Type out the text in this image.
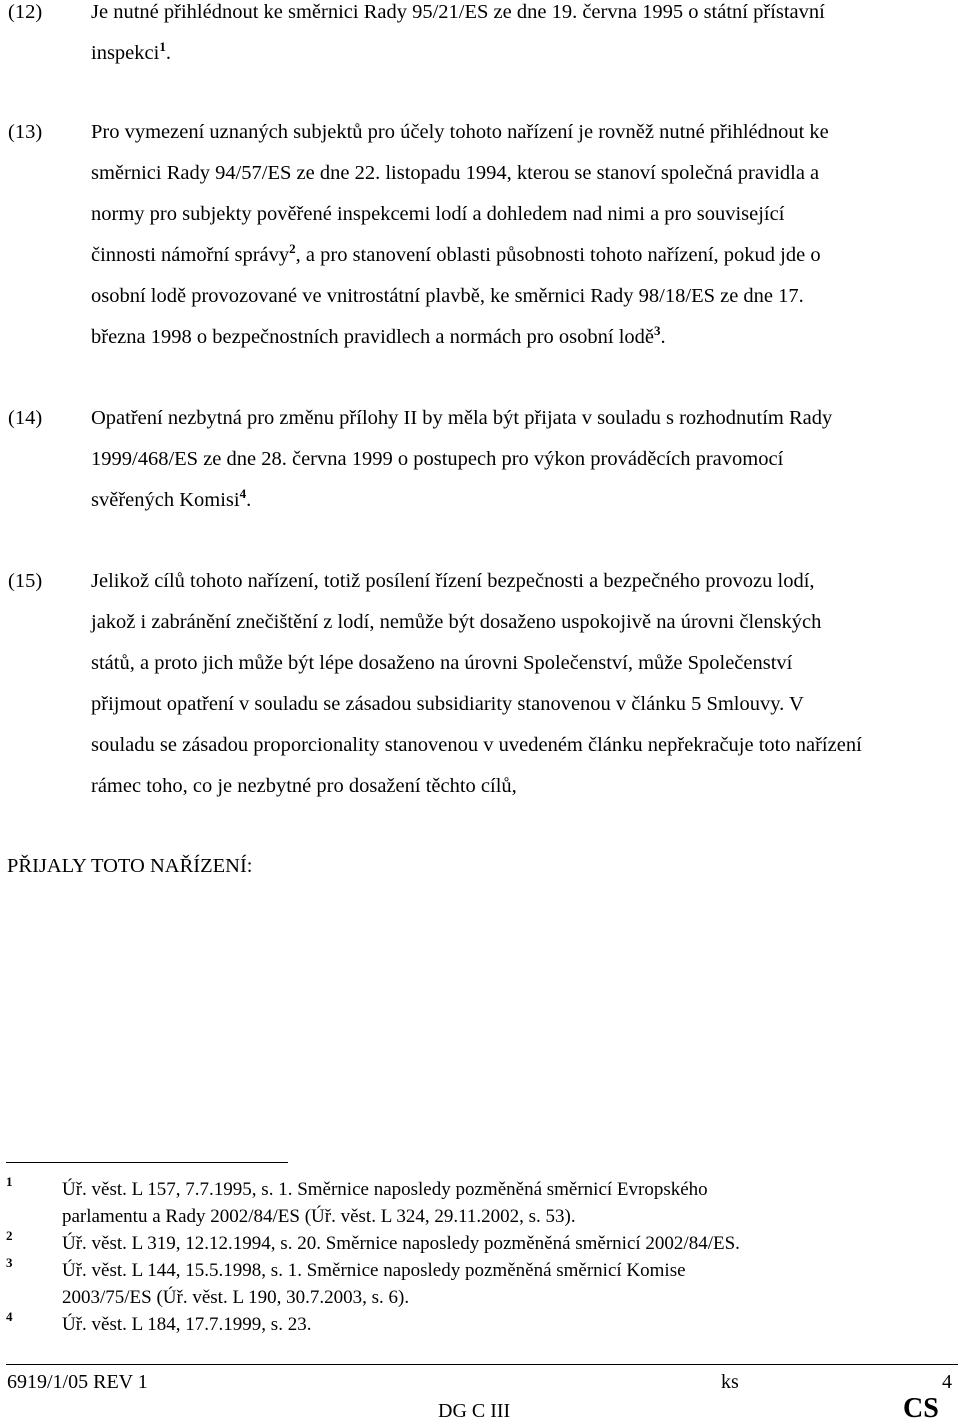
(12) Je nutné přihlédnout ke směrnici Rady 95/21/ES ze dne 19. června 1995 o státní přístavní
inspekci$^1$.
(13) Pro vymezení uznaných subjektů pro účely tohoto nařízení je rovněž nutné přihlédnout ke
směrnici Rady 94/57/ES ze dne 22. listopadu 1994, kterou se stanoví společná pravidla a
normy pro subjekty pověřené inspekcemi lodí a dohledem nad nimi a pro související
činnosti námořní správy$^2$, a pro stanovení oblasti působnosti tohoto nařízení, pokud jde o
osobní lodě provozované ve vnitrostátní plavbě, ke směrnici Rady 98/18/ES ze dne 17.
března 1998 o bezpečnostních pravidlech a normách pro osobní lodě$^3$.
(14) Opatření nezbytná pro změnu přílohy II by měla být přijata v souladu s rozhodnutím Rady
1999/468/ES ze dne 28. června 1999 o postupech pro výkon prováděcích pravomocí
svěřených Komisi$^4$.
(15) Jelikož cílů tohoto nařízení, totiž posílení řízení bezpečnosti a bezpečného provozu lodí,
jakož i zabránění znečištění z lodí, nemůže být dosaženo uspokojivě na úrovni členských
států, a proto jich může být lépe dosaženo na úrovni Společenství, může Společenství
přijmout opatření v souladu se zásadou subsidiarity stanovenou v článku 5 Smlouvy. V
souladu se zásadou proporcionality stanovenou v uvedeném článku nepřekračuje toto nařízení
rámec toho, co je nezbytné pro dosažení těchto cílů,
PŘIJALY TOTO NAŘÍZENÍ:
1	Úř. věst. L 157, 7.7.1995, s. 1. Směrnice naposledy pozměněná směrnicí Evropského
parlamentu a Rady 2002/84/ES (Úř. věst. L 324, 29.11.2002, s. 53).
2	Úř. věst. L 319, 12.12.1994, s. 20. Směrnice naposledy pozměněná směrnicí 2002/84/ES.
3	Úř. věst. L 144, 15.5.1998, s. 1. Směrnice naposledy pozměněná směrnicí Komise
2003/75/ES (Úř. věst. L 190, 30.7.2003, s. 6).
4	Úř. věst. L 184, 17.7.1999, s. 23.
6919/1/05 REV 1	ks	4
DG C III	CS
